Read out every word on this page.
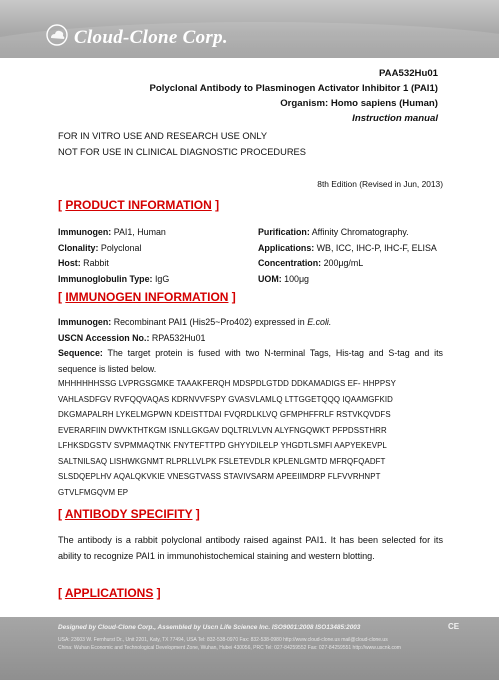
Cloud-Clone Corp.
PAA532Hu01
Polyclonal Antibody to Plasminogen Activator Inhibitor 1 (PAI1)
Organism: Homo sapiens (Human)
Instruction manual
FOR IN VITRO USE AND RESEARCH USE ONLY
NOT FOR USE IN CLINICAL DIAGNOSTIC PROCEDURES
8th Edition (Revised in Jun, 2013)
[ PRODUCT INFORMATION ]
Immunogen: PAI1, Human	Purification: Affinity Chromatography.
Clonality: Polyclonal	Applications: WB, ICC, IHC-P, IHC-F, ELISA
Host: Rabbit	Concentration: 200μg/mL
Immunoglobulin Type: IgG	UOM: 100μg
[ IMMUNOGEN INFORMATION ]

Immunogen: Recombinant PAI1 (His25~Pro402) expressed in E.coli.

USCN Accession No.: RPA532Hu01

Sequence: The target protein is fused with two N-terminal Tags, His-tag and S-tag and its sequence is listed below.

MHHHHHHSSG LVPRGSGMKE TAAAKFERQH MDSPDLGTDD DDKAMADIGS EF- HHPPSY
VAHLASDFGV RVFQQVAQAS KDRNVVFSPY GVASVLAMLQ LTTGGETQQQ IQAAMGFKID
DKGMAPALRH LYKELMGPWN KDEISTTDAI FVQRDLKLVQ GFMPHFFRLF RSTVKQVDFS
EVERARFIIN DWVKTHTKGM ISNLLGKGAV DQLTRLVLVN ALYFNGQWKT PFPDSSTHRR
LFHKSDGSTV SVPMMAQTNK FNYTEFTTPD GHYYDILELP YHGDTLSMFI AAPYEKEVPL
SALTNILSAQ LISHWKGNMT RLPRLLVLPK FSLETEVDLR KPLENLGMTD MFRQFQADFT
SLSDQEPLHV AQALQKVKIE VNESGTVASS STAVIVSARM APEEIIMDRP FLFVVRHNPT
GTVLFMGQVM EP
[ ANTIBODY SPECIFITY ]
The antibody is a rabbit polyclonal antibody raised against PAI1. It has been selected for its ability to recognize PAI1 in immunohistochemical staining and western blotting.
[ APPLICATIONS ]
Designed by Cloud-Clone Corp., Assembled by Uscn Life Science Inc. ISO9001:2008 ISO13485:2003	CE
USA: 23603 W. Fernhurst Dr., Unit 2201, Katy, TX 77494, USA Tel: 832-538-0970 Fax: 832-538-0980 http://www.cloud-clone.us mail@cloud-clone.us
China: Wuhan Economic and Technological Development Zone, Wuhan, Hubei 430056, PRC Tel: 027-84259552 Fax: 027-84259551 http://www.uscnk.com
